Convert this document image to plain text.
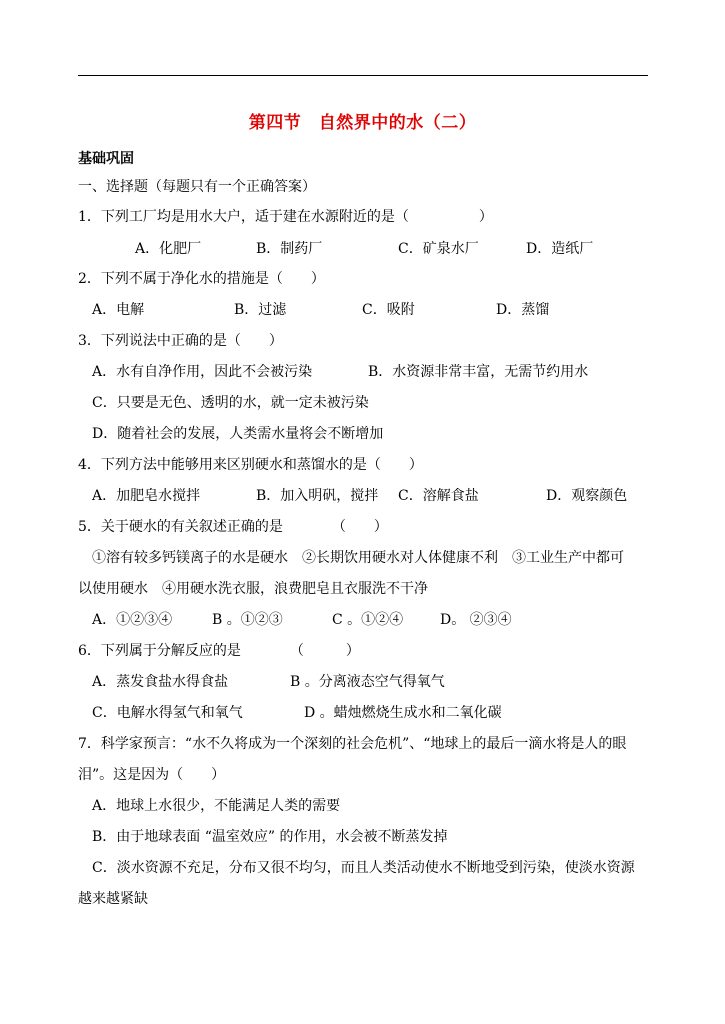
第四节　自然界中的水（二）
基础巩固
一、选择题（每题只有一个正确答案）
1．下列工厂均是用水大户，适于建在水源附近的是（　　　　　）
A．化肥厂	B．制药厂	C．矿泉水厂	D．造纸厂
2．下列不属于净化水的措施是（　　）
A．电解	B．过滤	C．吸附	D．蒸馏
3．下列说法中正确的是（　　）
A．水有自净作用，因此不会被污染	B．水资源非常丰富，无需节约用水
C．只要是无色、透明的水，就一定未被污染
D．随着社会的发展，人类需水量将会不断增加
4．下列方法中能够用来区别硬水和蒸馏水的是（　　）
A．加肥皂水搅拌	B．加入明矾，搅拌 C．溶解食盐	D．观察颜色
5．关于硬水的有关叙述正确的是　　　　（　　）
①溶有较多钙镁离子的水是硬水　②长期饮用硬水对人体健康不利　③工业生产中都可
以使用硬水　④用硬水洗衣服，浪费肥皂且衣服洗不干净
A．①②③④	B 。①②③	C 。①②④	D。 ②③④
6．下列属于分解反应的是　　　　（　　　）
A．蒸发食盐水得食盐	B 。分离液态空气得氧气
C．电解水得氢气和氧气	D 。蜡烛燃烧生成水和二氧化碳
7．科学家预言：“水不久将成为一个深刻的社会危机”、“地球上的最后一滴水将是人的眼
泪”。这是因为（　　）
A．地球上水很少，不能满足人类的需要
B．由于地球表面 “温室效应” 的作用，水会被不断蒸发掉
C．淡水资源不充足，分布又很不均匀，而且人类活动使水不断地受到污染，使淡水资源
越来越紧缺
